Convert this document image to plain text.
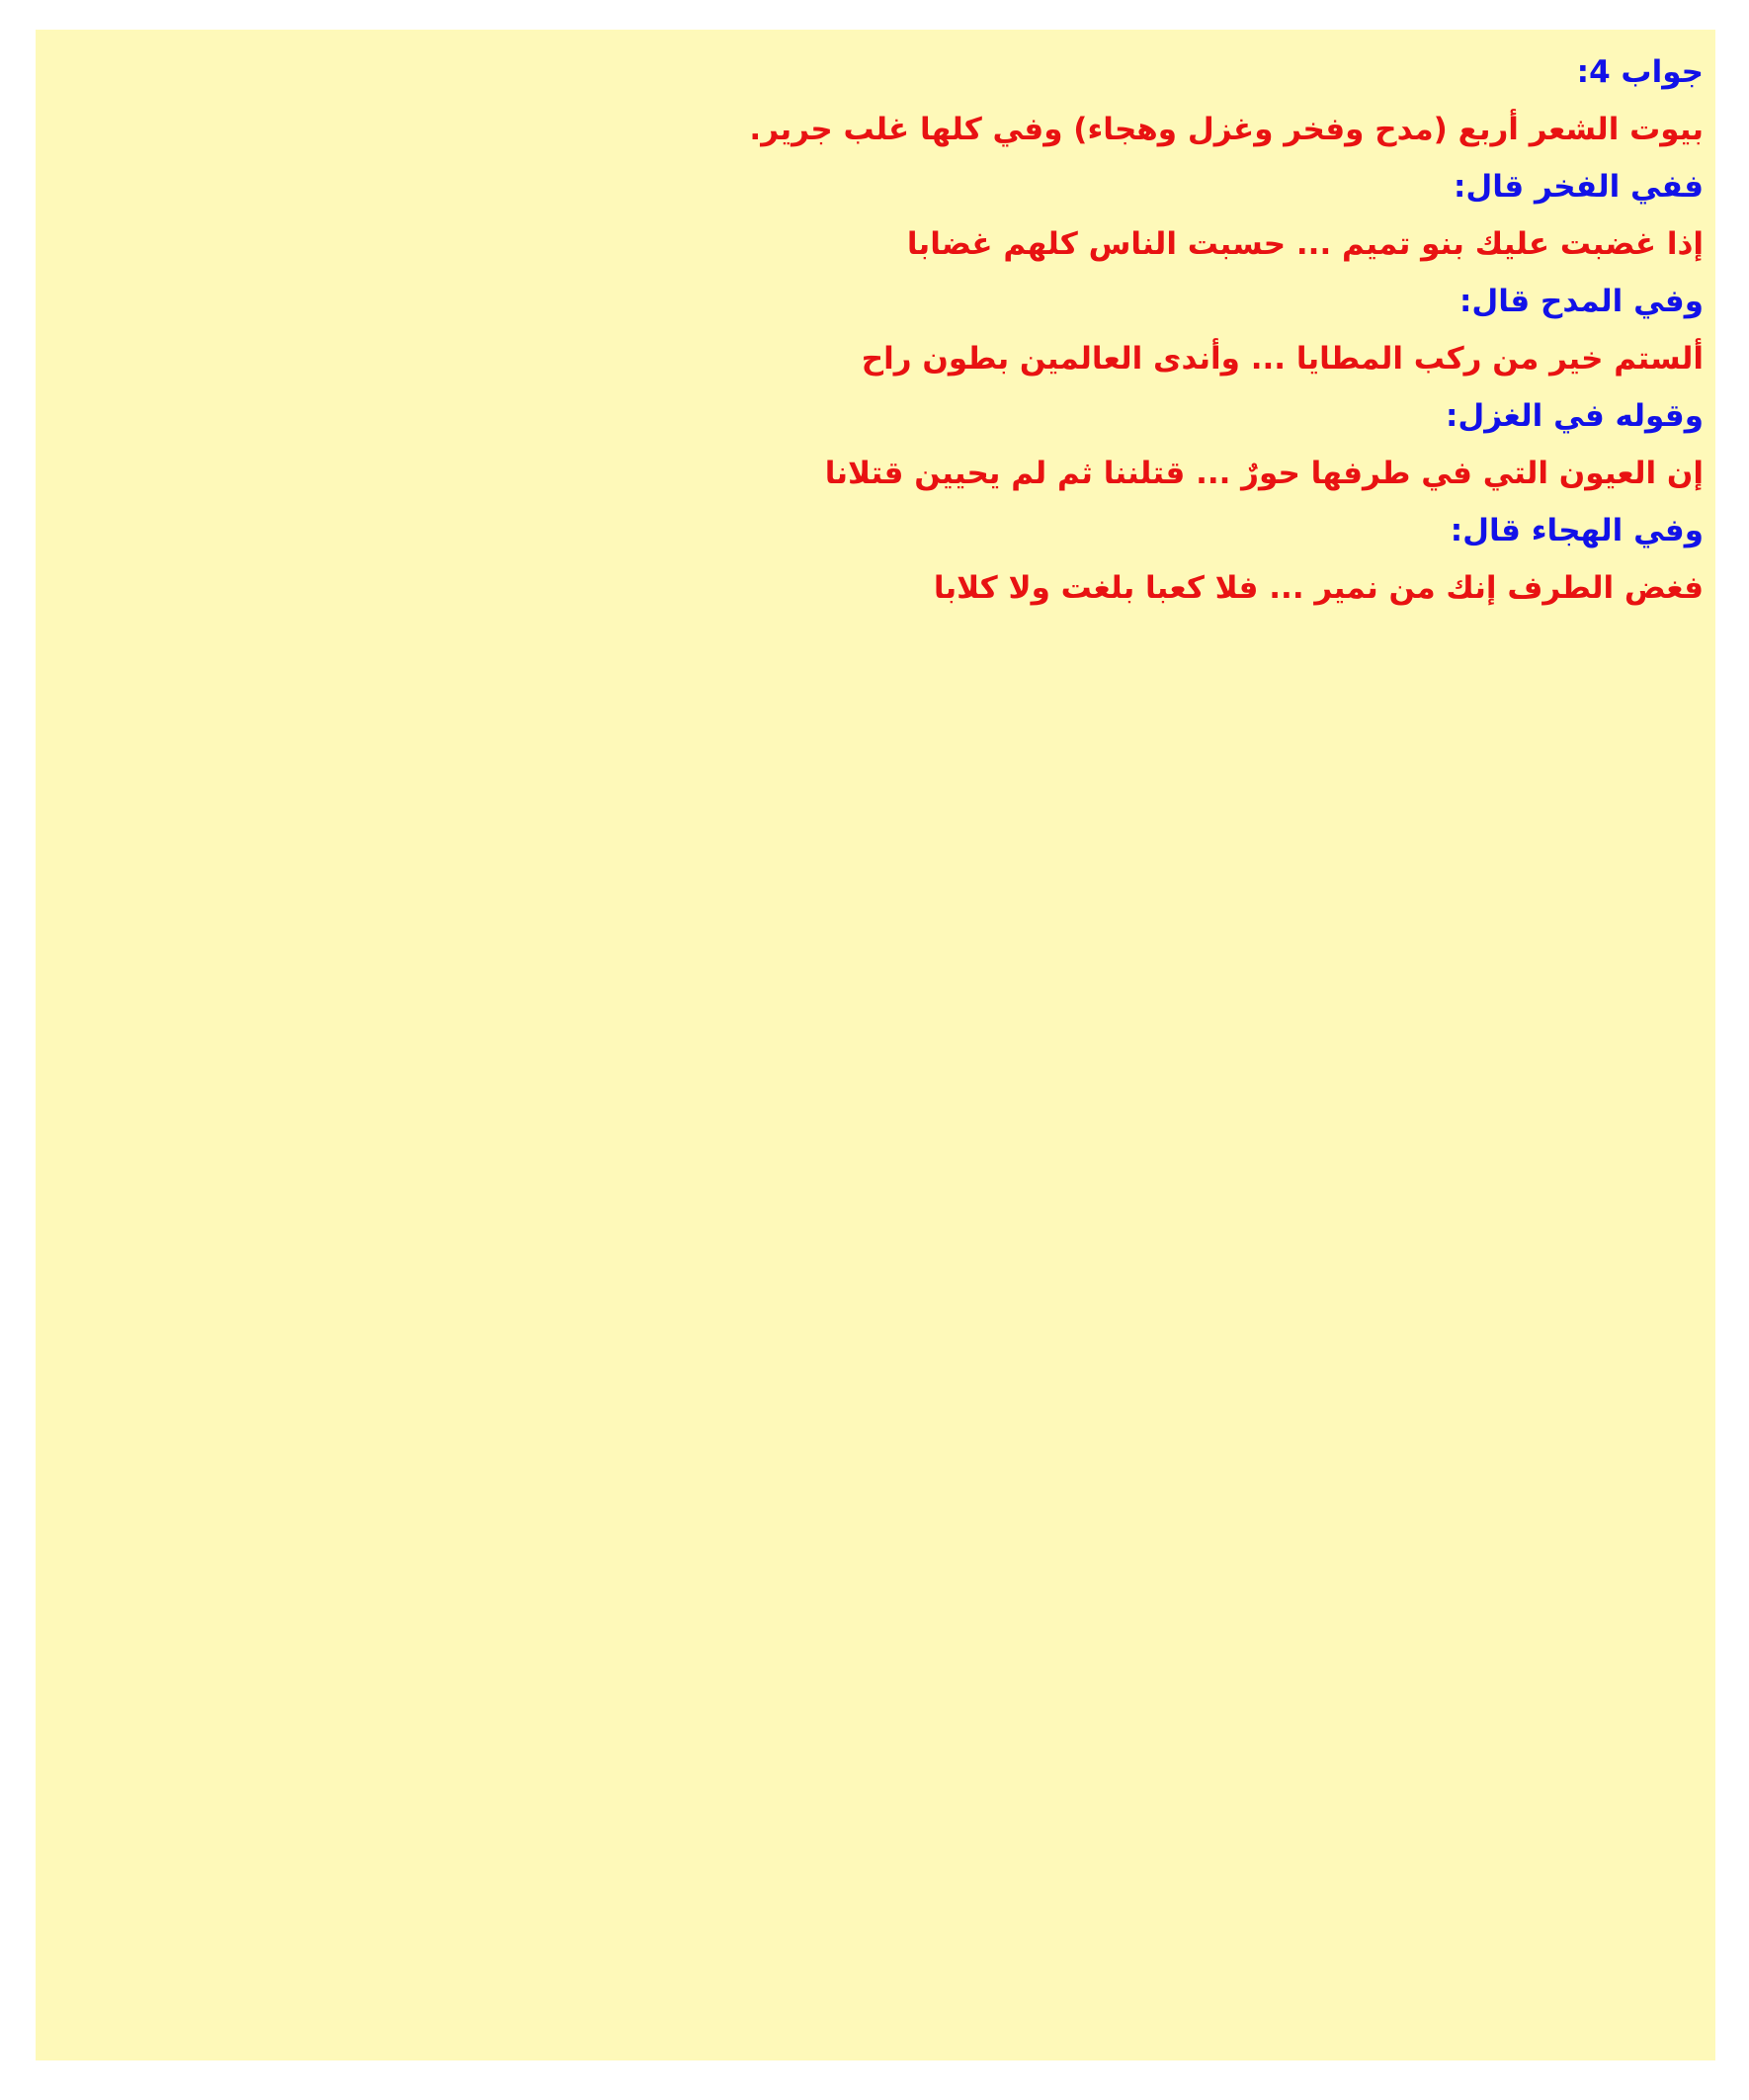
جواب 4:
بيوت الشعر أربع (مدح وفخر وغزل وهجاء) وفي كلها غلب جرير.
ففي الفخر قال:
إذا غضبت عليك بنو تميم ... حسبت الناس كلهم غضابا
وفي المدح قال:
ألستم خير من ركب المطايا ... وأندى العالمين بطون راح
وقوله في الغزل:
إن العيون التي في طرفها حورٌ ... قتلننا ثم لم يحيين قتلانا
وفي الهجاء قال:
فغض الطرف إنك من نمير ... فلا كعبا بلغت ولا كلابا
